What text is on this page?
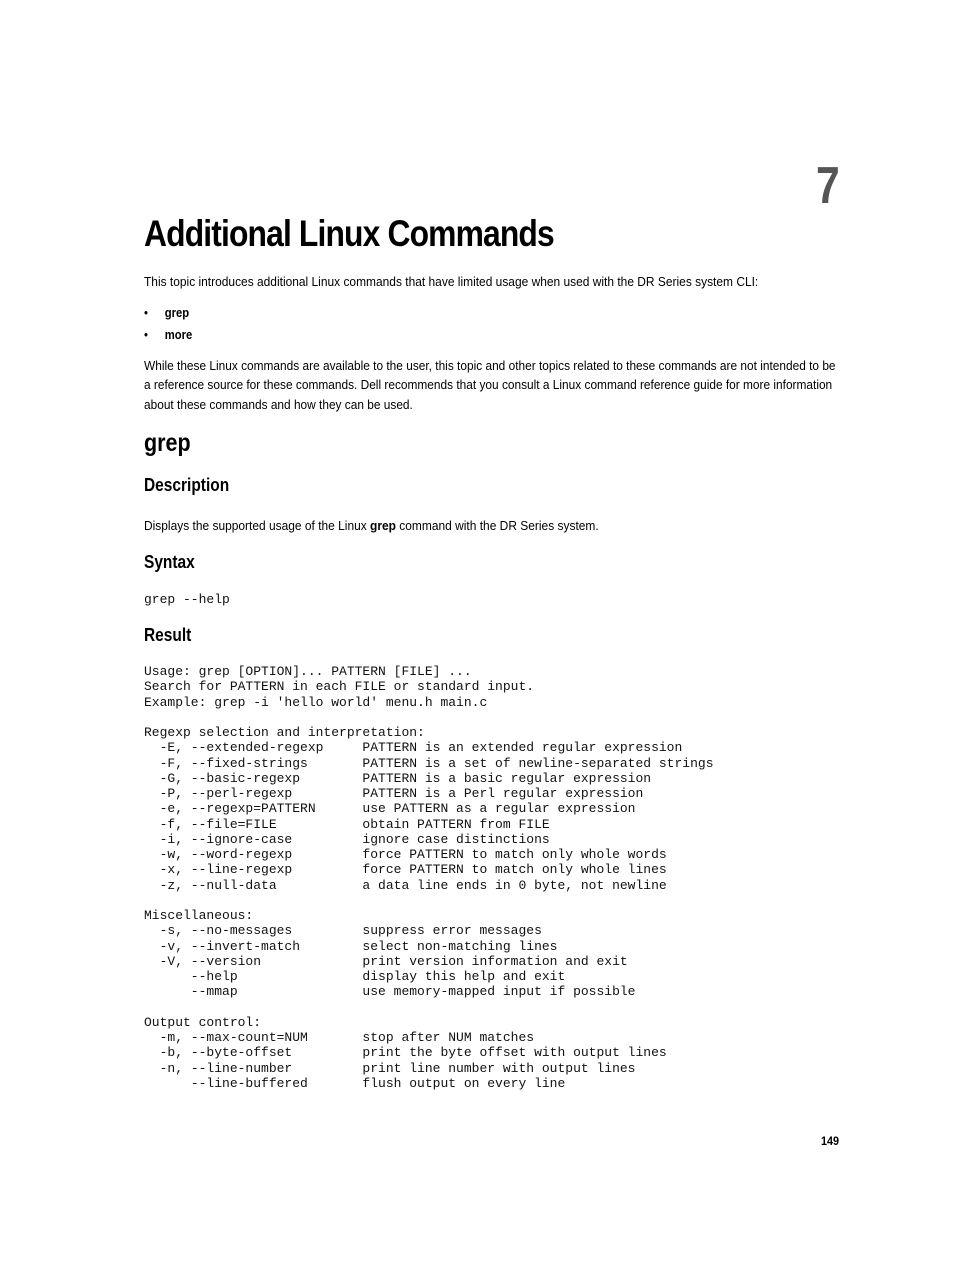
7
Additional Linux Commands

This topic introduces additional Linux commands that have limited usage when used with the DR Series system CLI:

• grep
• more

While these Linux commands are available to the user, this topic and other topics related to these commands are not intended to be a reference source for these commands. Dell recommends that you consult a Linux command reference guide for more information about these commands and how they can be used.

grep
Description

Displays the supported usage of the Linux grep command with the DR Series system.

Syntax
grep --help
Result
Usage: grep [OPTION]... PATTERN [FILE] ...
Search for PATTERN in each FILE or standard input.
Example: grep -i 'hello world' menu.h main.c

Regexp selection and interpretation:
-E, --extended-regexp     PATTERN is an extended regular expression
-F, --fixed-strings       PATTERN is a set of newline-separated strings
-G, --basic-regexp        PATTERN is a basic regular expression
-P, --perl-regexp         PATTERN is a Perl regular expression
-e, --regexp=PATTERN      use PATTERN as a regular expression
-f, --file=FILE           obtain PATTERN from FILE
-i, --ignore-case         ignore case distinctions
-w, --word-regexp         force PATTERN to match only whole words
-x, --line-regexp         force PATTERN to match only whole lines
-z, --null-data           a data line ends in 0 byte, not newline

Miscellaneous:
-s, --no-messages         suppress error messages
-v, --invert-match        select non-matching lines
-V, --version             print version information and exit
--help                display this help and exit
--mmap                use memory-mapped input if possible

Output control:
-m, --max-count=NUM       stop after NUM matches
-b, --byte-offset         print the byte offset with output lines
-n, --line-number         print line number with output lines
--line-buffered       flush output on every line
149
